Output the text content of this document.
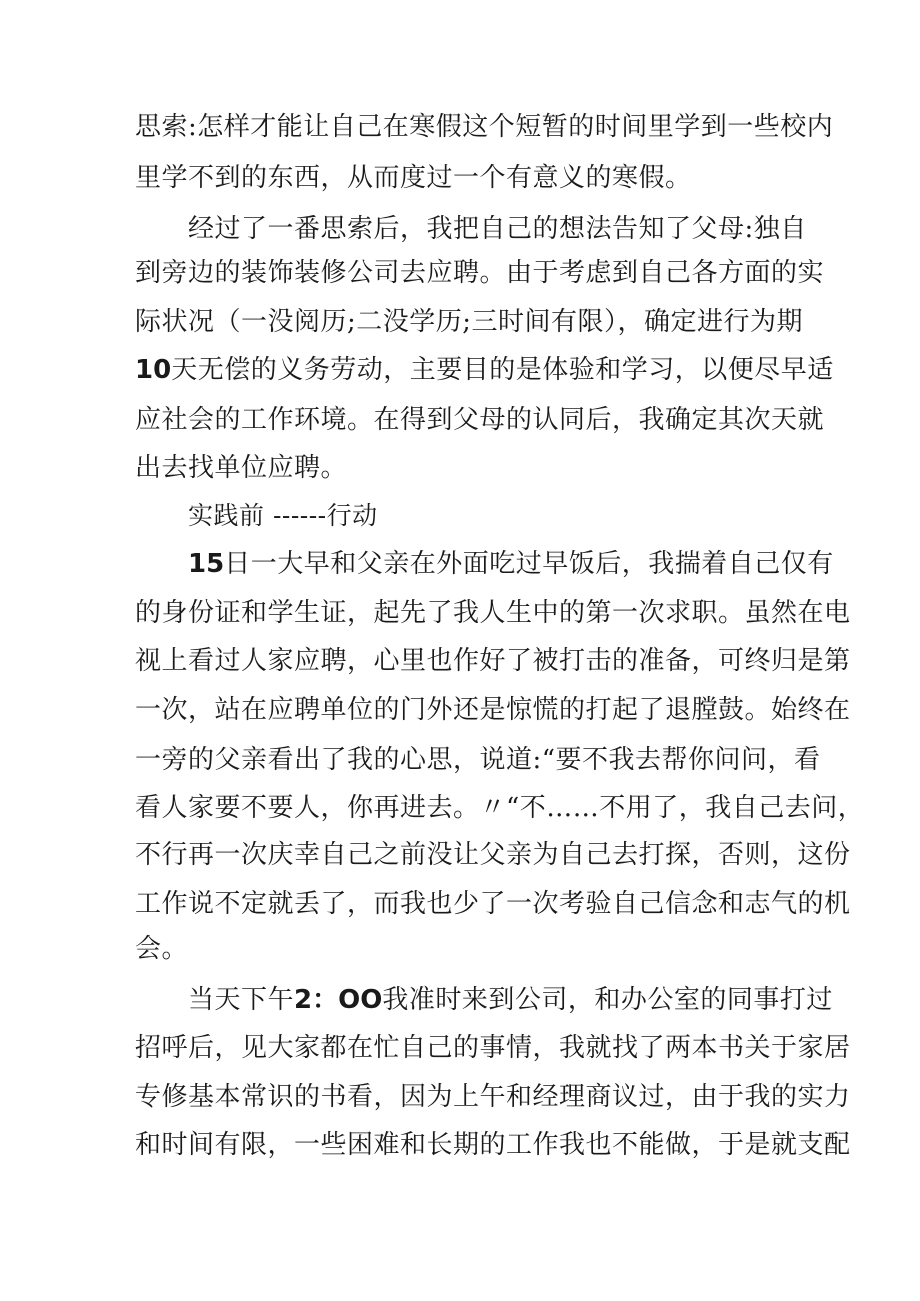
思索:怎样才能让自己在寒假这个短暂的时间里学到一些校内
里学不到的东西，从而度过一个有意义的寒假。
经过了一番思索后，我把自己的想法告知了父母:独自
到旁边的装饰装修公司去应聘。由于考虑到自己各方面的实
际状况（一没阅历;二没学历;三时间有限），确定进行为期
10天无偿的义务劳动，主要目的是体验和学习，以便尽早适
应社会的工作环境。在得到父母的认同后，我确定其次天就
出去找单位应聘。
实践前 ------行动
15日一大早和父亲在外面吃过早饭后，我揣着自己仅有
的身份证和学生证，起先了我人生中的第一次求职。虽然在电
视上看过人家应聘，心里也作好了被打击的准备，可终归是第
一次，站在应聘单位的门外还是惊慌的打起了退膛鼓。始终在
一旁的父亲看出了我的心思，说道:“要不我去帮你问问，看
看人家要不要人，你再进去。〃“不……不用了，我自己去问，
不行再一次庆幸自己之前没让父亲为自己去打探，否则，这份
工作说不定就丢了，而我也少了一次考验自己信念和志气的机
会。
当天下午2：OO我准时来到公司，和办公室的同事打过
招呼后，见大家都在忙自己的事情，我就找了两本书关于家居
专修基本常识的书看，因为上午和经理商议过，由于我的实力
和时间有限，一些困难和长期的工作我也不能做，于是就支配
